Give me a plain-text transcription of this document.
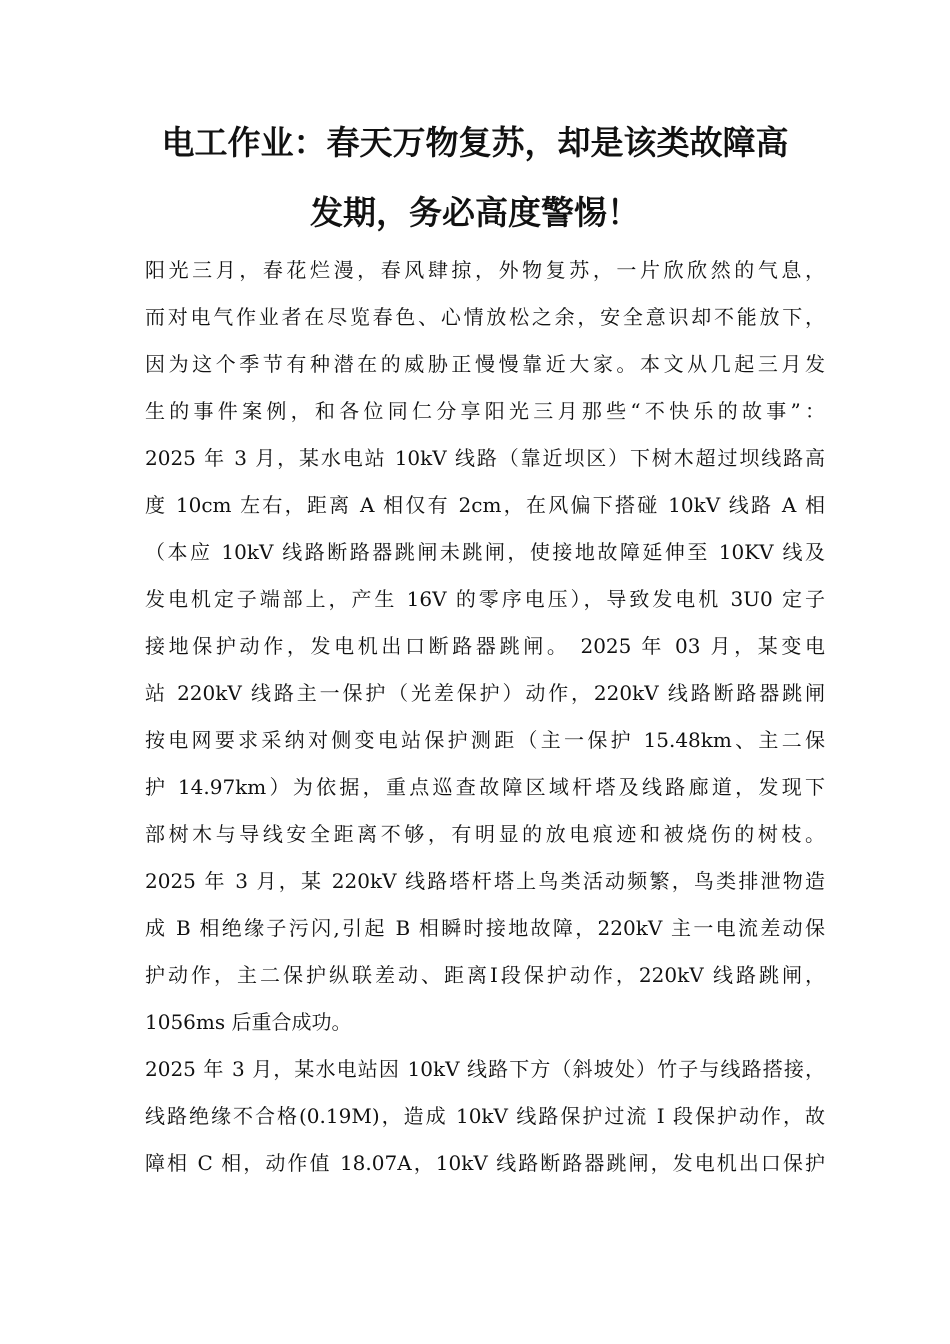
电工作业：春天万物复苏，却是该类故障高
发期，务必高度警惕！

阳光三月，春花烂漫，春风肆掠，外物复苏，一片欣欣然的气息，
而对电气作业者在尽览春色、心情放松之余，安全意识却不能放下，
因为这个季节有种潜在的威胁正慢慢靠近大家。本文从几起三月发
生的事件案例，和各位同仁分享阳光三月那些“不快乐的故事”：
2025 年 3 月，某水电站 10kV 线路（靠近坝区）下树木超过坝线路高
度 10cm 左右，距离 A 相仅有 2cm，在风偏下搭碰 10kV 线路 A 相
（本应 10kV 线路断路器跳闸未跳闸，使接地故障延伸至 10KV 线及
发电机定子端部上，产生 16V 的零序电压），导致发电机 3U0 定子
接地保护动作，发电机出口断路器跳闸。 2025 年 03 月，某变电
站 220kV 线路主一保护（光差保护）动作，220kV 线路断路器跳闸
按电网要求采纳对侧变电站保护测距（主一保护 15.48km、主二保
护 14.97km）为依据，重点巡查故障区域杆塔及线路廊道，发现下
部树木与导线安全距离不够，有明显的放电痕迹和被烧伤的树枝。
2025 年 3 月，某 220kV 线路塔杆塔上鸟类活动频繁，鸟类排泄物造
成 B 相绝缘子污闪,引起 B 相瞬时接地故障，220kV 主一电流差动保
护动作，主二保护纵联差动、距离Ⅰ段保护动作，220kV 线路跳闸，
1056ms 后重合成功。

2025 年 3 月，某水电站因 10kV 线路下方（斜坡处）竹子与线路搭接，
线路绝缘不合格(0.19M)，造成 10kV 线路保护过流 I 段保护动作，故
障相 C 相，动作值 18.07A，10kV 线路断路器跳闸，发电机出口保护
